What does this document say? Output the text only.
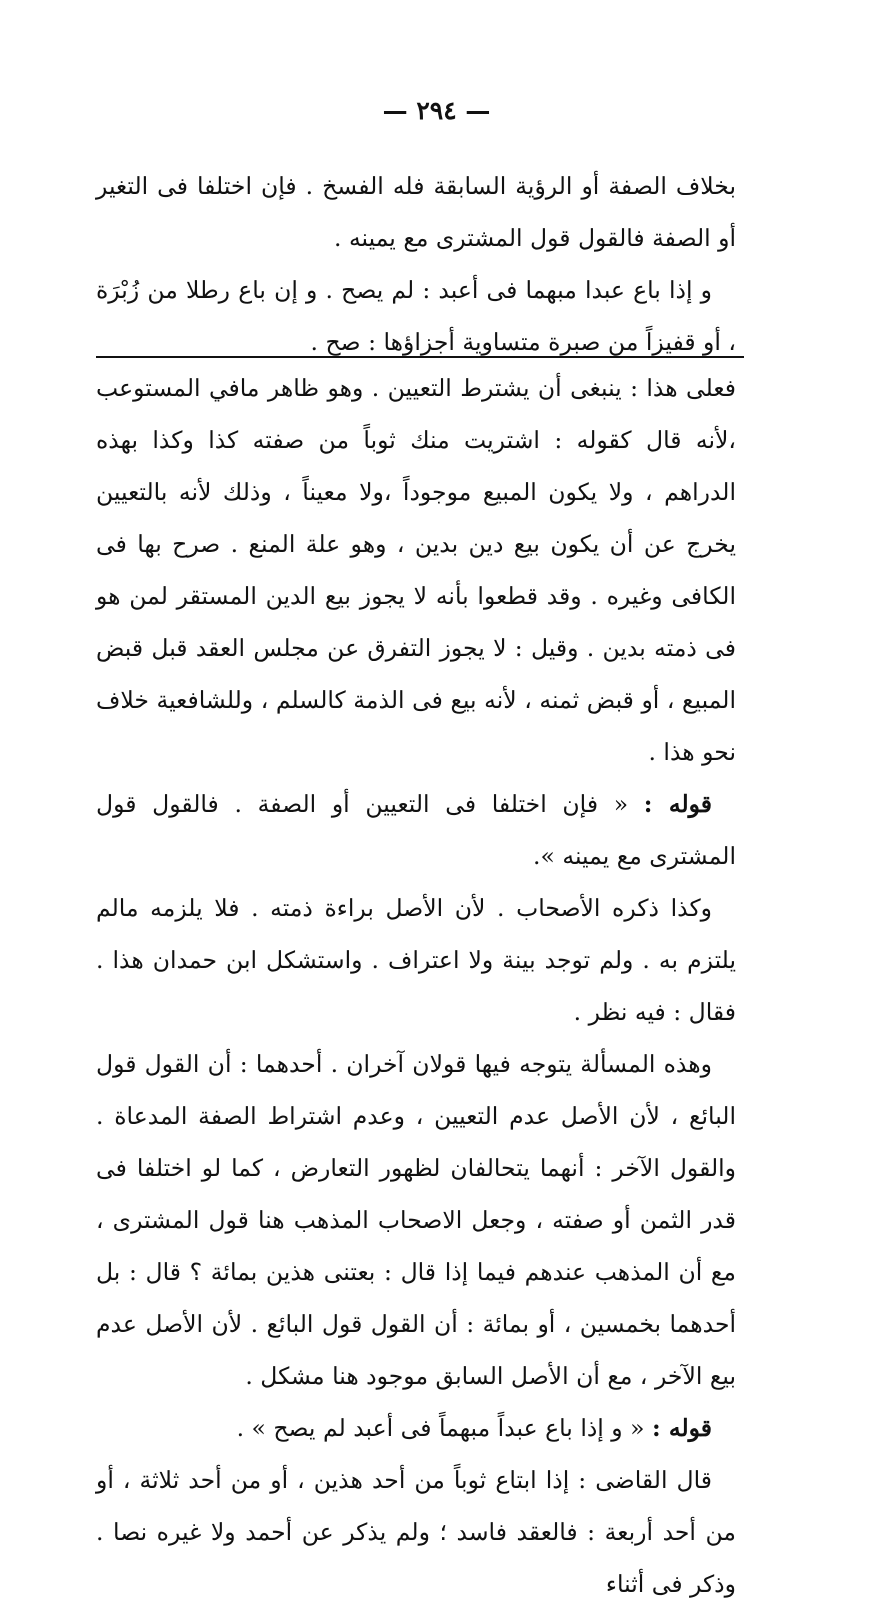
— ٢٩٤ —

بخلاف الصفة أو الرؤية السابقة فله الفسخ . فإن اختلفا فى التغير أو الصفة فالقول قول المشترى مع يمينه .

و إذا باع عبدا مبهما فى أعبد : لم يصح . و إن باع رطلا من زُبْرَة ، أو قفيزاً من صبرة متساوية أجزاؤها : صح .

فعلى هذا : ينبغى أن يشترط التعيين . وهو ظاهر مافي المستوعب ،لأنه قال كقوله : اشتريت منك ثوباً من صفته كذا وكذا بهذه الدراهم ، ولا يكون المبيع موجوداً ،ولا معيناً ، وذلك لأنه بالتعيين يخرج عن أن يكون بيع دين بدين ، وهو علة المنع . صرح بها فى الكافى وغيره . وقد قطعوا بأنه لا يجوز بيع الدين المستقر لمن هو فى ذمته بدين . وقيل : لا يجوز التفرق عن مجلس العقد قبل قبض المبيع ، أو قبض ثمنه ، لأنه بيع فى الذمة كالسلم ، وللشافعية خلاف نحو هذا .

قوله : « فإن اختلفا فى التعيين أو الصفة . فالقول قول المشترى مع يمينه ».

وكذا ذكره الأصحاب . لأن الأصل براءة ذمته . فلا يلزمه مالم يلتزم به . ولم توجد بينة ولا اعتراف . واستشكل ابن حمدان هذا . فقال : فيه نظر .

وهذه المسألة يتوجه فيها قولان آخران . أحدهما : أن القول قول البائع ، لأن الأصل عدم التعيين ، وعدم اشتراط الصفة المدعاة . والقول الآخر : أنهما يتحالفان لظهور التعارض ، كما لو اختلفا فى قدر الثمن أو صفته ، وجعل الاصحاب المذهب هنا قول المشترى ، مع أن المذهب عندهم فيما إذا قال : بعتنى هذين بمائة ؟ قال : بل أحدهما بخمسين ، أو بمائة : أن القول قول البائع . لأن الأصل عدم بيع الآخر ، مع أن الأصل السابق موجود هنا مشكل .

قوله : « و إذا باع عبداً مبهماً فى أعبد لم يصح » .

قال القاضى : إذا ابتاع ثوباً من أحد هذين ، أو من أحد ثلاثة ، أو من أحد أربعة : فالعقد فاسد ؛ ولم يذكر عن أحمد ولا غيره نصا . وذكر فى أثناء
